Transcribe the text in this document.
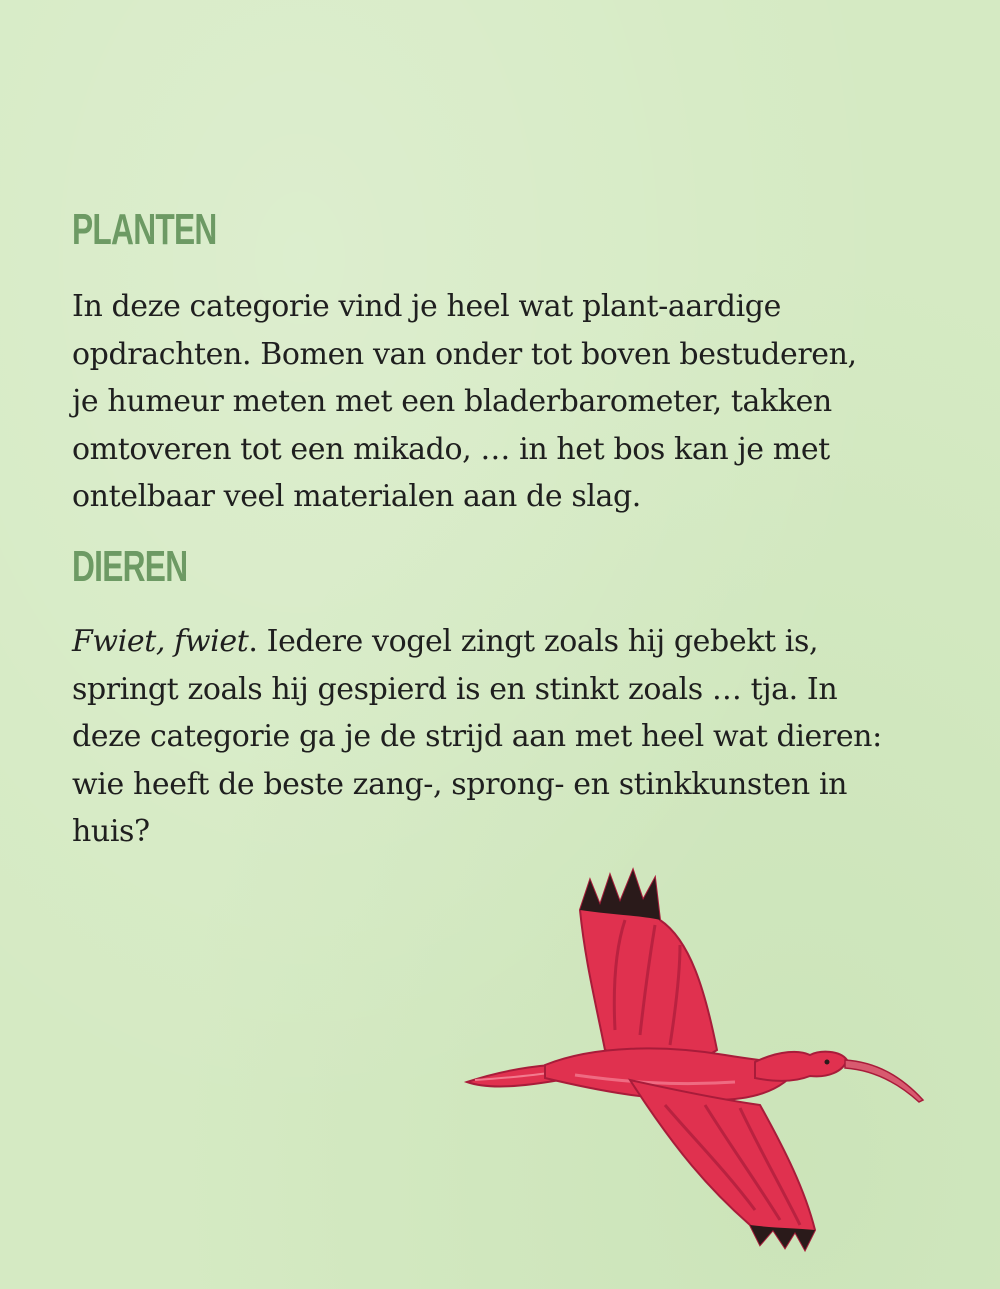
PLANTEN

In deze categorie vind je heel wat plant-aardige
opdrachten. Bomen van onder tot boven bestuderen,
je humeur meten met een bladerbarometer, takken
omtoveren tot een mikado, … in het bos kan je met
ontelbaar veel materialen aan de slag.

DIEREN

Fwiet, fwiet. Iedere vogel zingt zoals hij gebekt is,
springt zoals hij gespierd is en stinkt zoals … tja. In
deze categorie ga je de strijd aan met heel wat dieren:
wie heeft de beste zang-, sprong- en stinkkunsten in
huis?
